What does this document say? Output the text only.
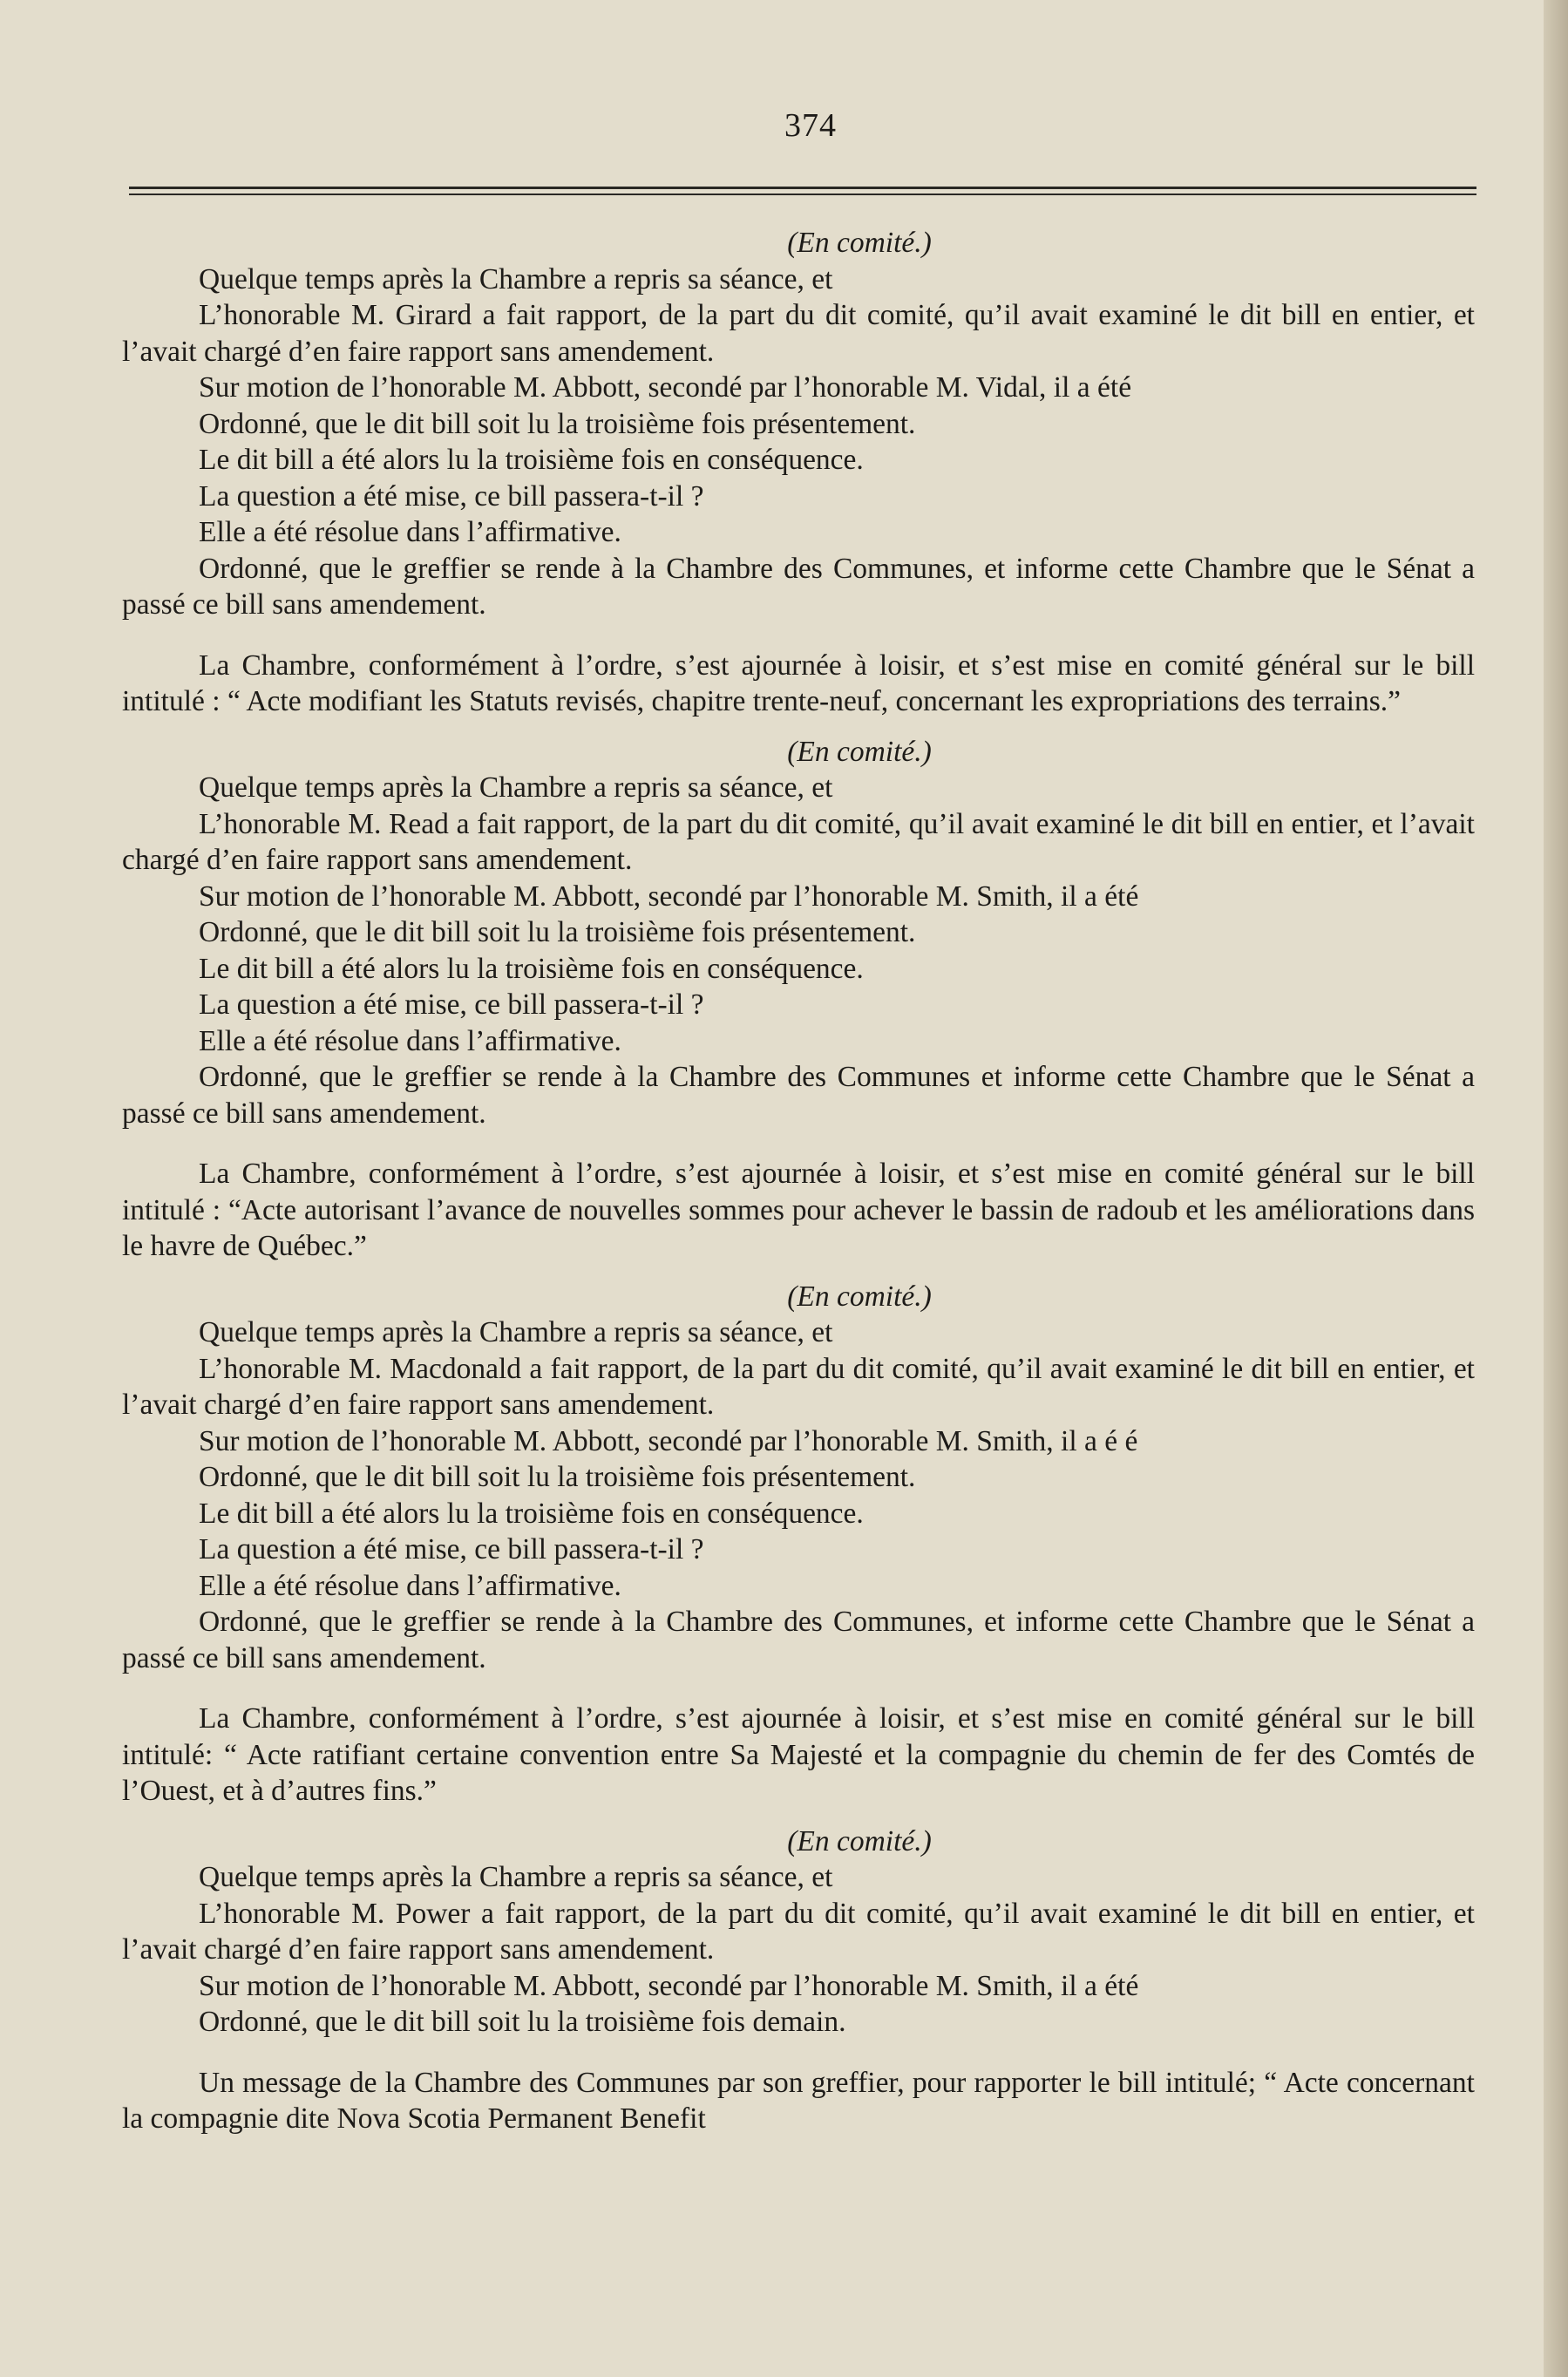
374

(En comité.)

Quelque temps après la Chambre a repris sa séance, et

L’honorable M. Girard a fait rapport, de la part du dit comité, qu’il avait examiné le dit bill en entier, et l’avait chargé d’en faire rapport sans amendement.

Sur motion de l’honorable M. Abbott, secondé par l’honorable M. Vidal, il a été

Ordonné, que le dit bill soit lu la troisième fois présentement.

Le dit bill a été alors lu la troisième fois en conséquence.

La question a été mise, ce bill passera-t-il ?

Elle a été résolue dans l’affirmative.

Ordonné, que le greffier se rende à la Chambre des Communes, et informe cette Chambre que le Sénat a passé ce bill sans amendement.

La Chambre, conformément à l’ordre, s’est ajournée à loisir, et s’est mise en comité général sur le bill intitulé : “ Acte modifiant les Statuts revisés, chapitre trente-neuf, concernant les expropriations des terrains.”

(En comité.)

Quelque temps après la Chambre a repris sa séance, et

L’honorable M. Read a fait rapport, de la part du dit comité, qu’il avait examiné le dit bill en entier, et l’avait chargé d’en faire rapport sans amendement.

Sur motion de l’honorable M. Abbott, secondé par l’honorable M. Smith, il a été

Ordonné, que le dit bill soit lu la troisième fois présentement.

Le dit bill a été alors lu la troisième fois en conséquence.

La question a été mise, ce bill passera-t-il ?

Elle a été résolue dans l’affirmative.

Ordonné, que le greffier se rende à la Chambre des Communes et informe cette Chambre que le Sénat a passé ce bill sans amendement.

La Chambre, conformément à l’ordre, s’est ajournée à loisir, et s’est mise en comité général sur le bill intitulé : “Acte autorisant l’avance de nouvelles sommes pour achever le bassin de radoub et les améliorations dans le havre de Québec.”

(En comité.)

Quelque temps après la Chambre a repris sa séance, et

L’honorable M. Macdonald a fait rapport, de la part du dit comité, qu’il avait examiné le dit bill en entier, et l’avait chargé d’en faire rapport sans amendement.

Sur motion de l’honorable M. Abbott, secondé par l’honorable M. Smith, il a é é

Ordonné, que le dit bill soit lu la troisième fois présentement.

Le dit bill a été alors lu la troisième fois en conséquence.

La question a été mise, ce bill passera-t-il ?

Elle a été résolue dans l’affirmative.

Ordonné, que le greffier se rende à la Chambre des Communes, et informe cette Chambre que le Sénat a passé ce bill sans amendement.

La Chambre, conformément à l’ordre, s’est ajournée à loisir, et s’est mise en comité général sur le bill intitulé: “ Acte ratifiant certaine convention entre Sa Majesté et la compagnie du chemin de fer des Comtés de l’Ouest, et à d’autres fins.”

(En comité.)

Quelque temps après la Chambre a repris sa séance, et

L’honorable M. Power a fait rapport, de la part du dit comité, qu’il avait examiné le dit bill en entier, et l’avait chargé d’en faire rapport sans amendement.

Sur motion de l’honorable M. Abbott, secondé par l’honorable M. Smith, il a été

Ordonné, que le dit bill soit lu la troisième fois demain.

Un message de la Chambre des Communes par son greffier, pour rapporter le bill intitulé; “ Acte concernant la compagnie dite Nova Scotia Permanent Benefit
